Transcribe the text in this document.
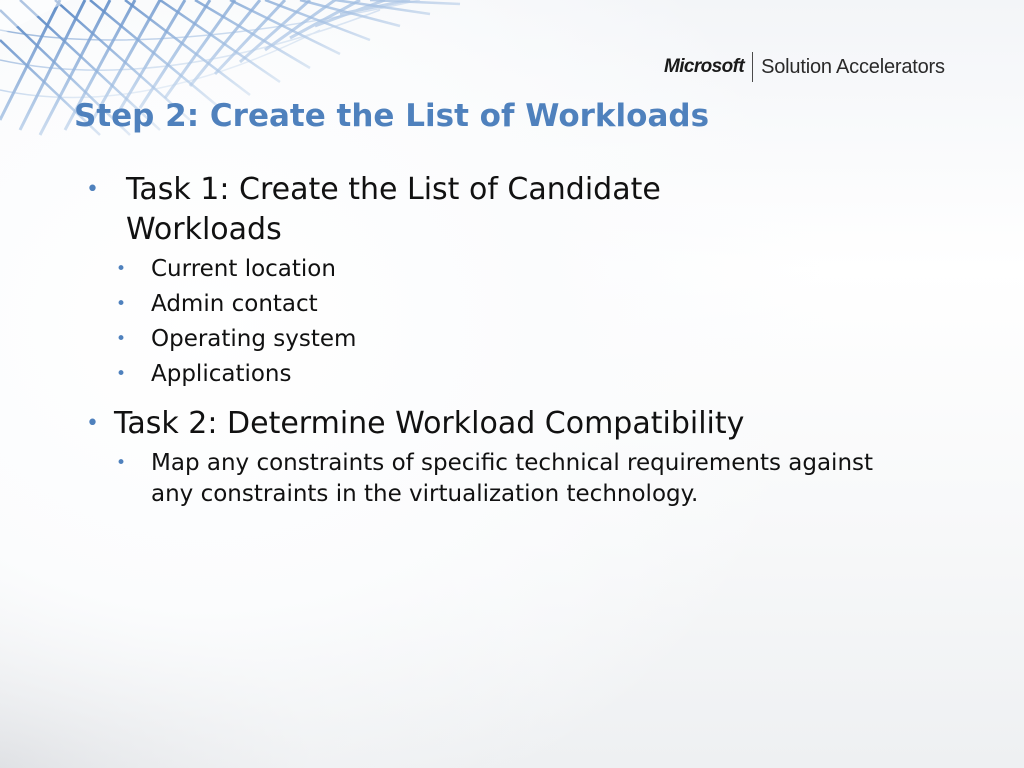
Microsoft Solution Accelerators
Step 2: Create the List of Workloads
• Task 1: Create the List of Candidate Workloads
•	Current location
•	Admin contact
•	Operating system
•	Applications
• Task 2: Determine Workload Compatibility
•	Map any constraints of specific technical requirements against any constraints in the virtualization technology.
